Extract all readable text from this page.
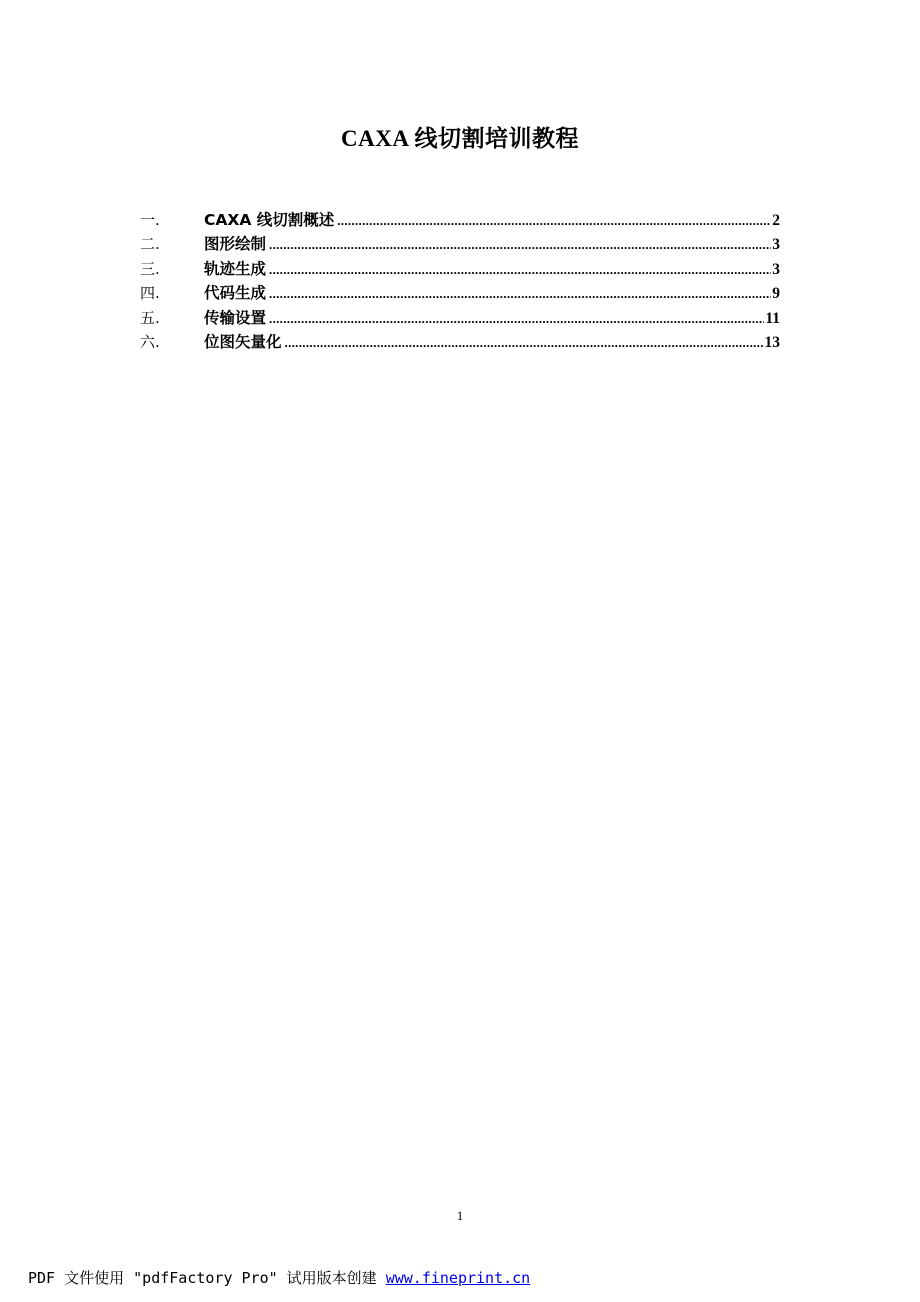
CAXA 线切割培训教程
一.	CAXA 线切割概述 .....	2
二.	图形绘制 .....	3
三.	轨迹生成 .....	3
四.	代码生成 .....	9
五.	传输设置 .....	11
六.	位图矢量化 .....	13
1
PDF 文件使用 "pdfFactory Pro" 试用版本创建 www.fineprint.cn
